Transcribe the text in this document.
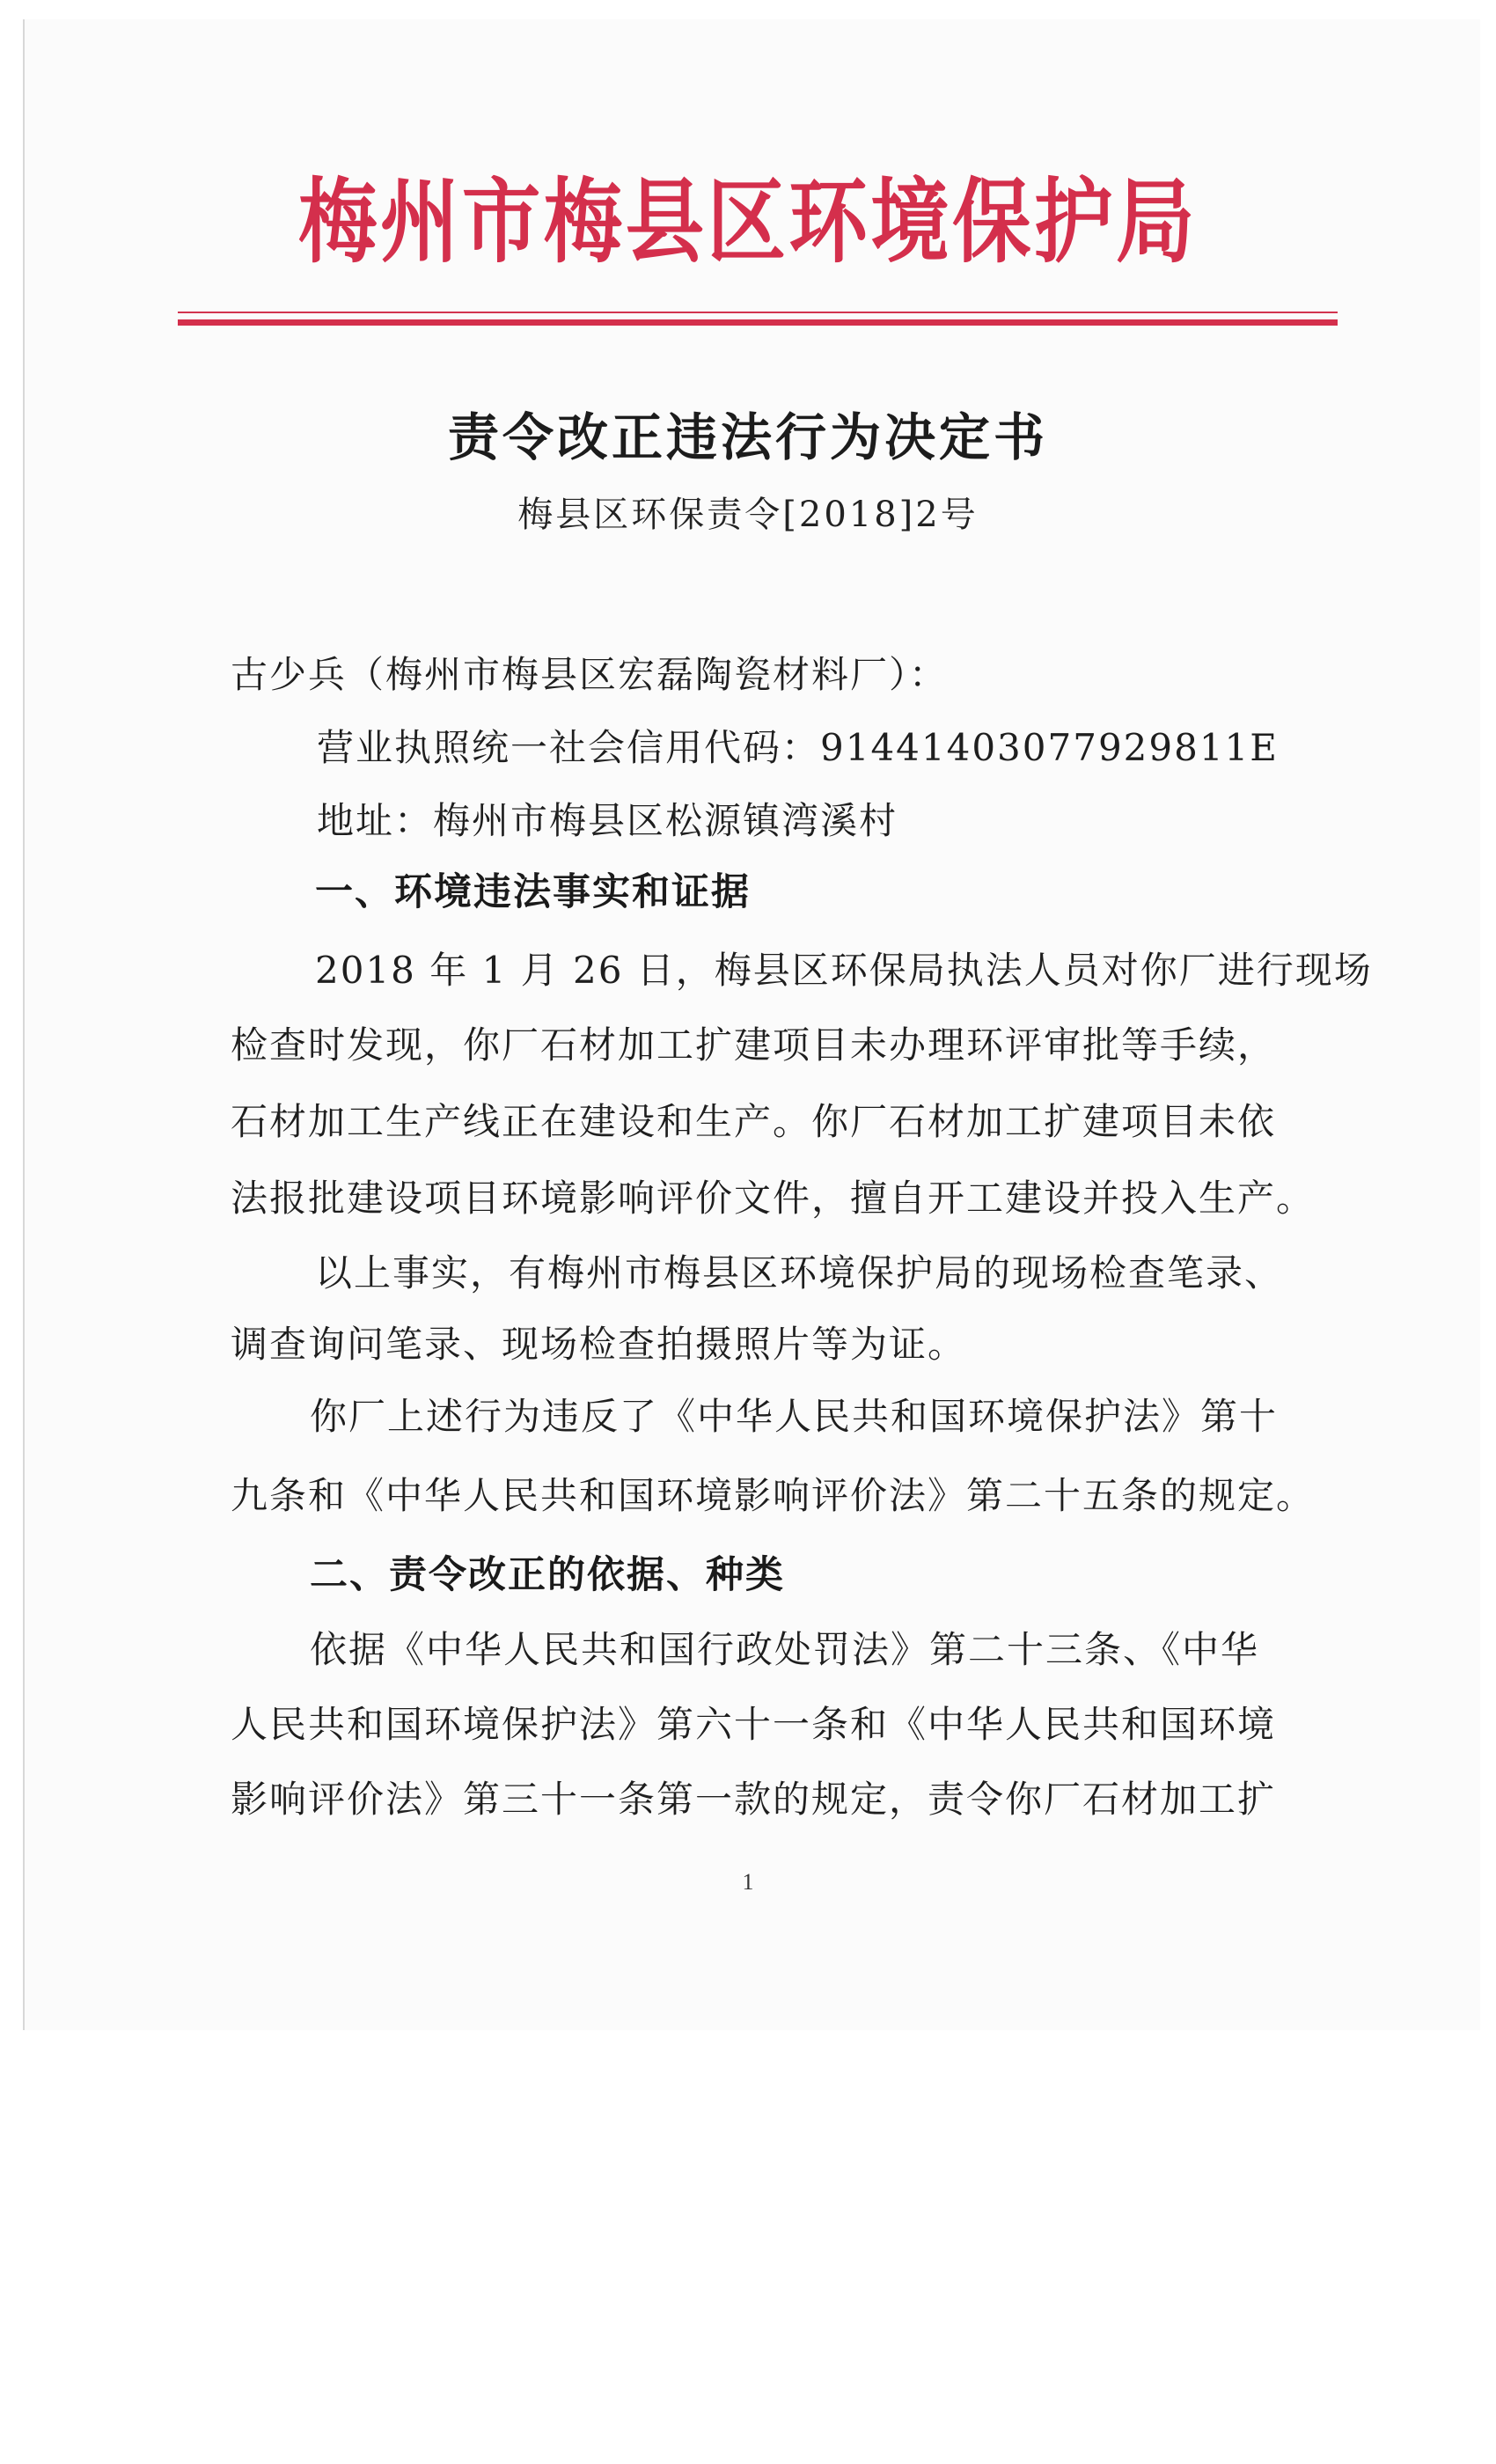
梅州市梅县区环境保护局
责令改正违法行为决定书
梅县区环保责令[2018]2号
古少兵（梅州市梅县区宏磊陶瓷材料厂）：
营业执照统一社会信用代码：91441403077929811E
地址：梅州市梅县区松源镇湾溪村
一、环境违法事实和证据
2018 年 1 月 26 日，梅县区环保局执法人员对你厂进行现场
检查时发现，你厂石材加工扩建项目未办理环评审批等手续，
石材加工生产线正在建设和生产。你厂石材加工扩建项目未依
法报批建设项目环境影响评价文件，擅自开工建设并投入生产。
以上事实，有梅州市梅县区环境保护局的现场检查笔录、
调查询问笔录、现场检查拍摄照片等为证。
你厂上述行为违反了《中华人民共和国环境保护法》第十
九条和《中华人民共和国环境影响评价法》第二十五条的规定。
二、责令改正的依据、种类
依据《中华人民共和国行政处罚法》第二十三条、《中华
人民共和国环境保护法》第六十一条和《中华人民共和国环境
影响评价法》第三十一条第一款的规定，责令你厂石材加工扩
1
